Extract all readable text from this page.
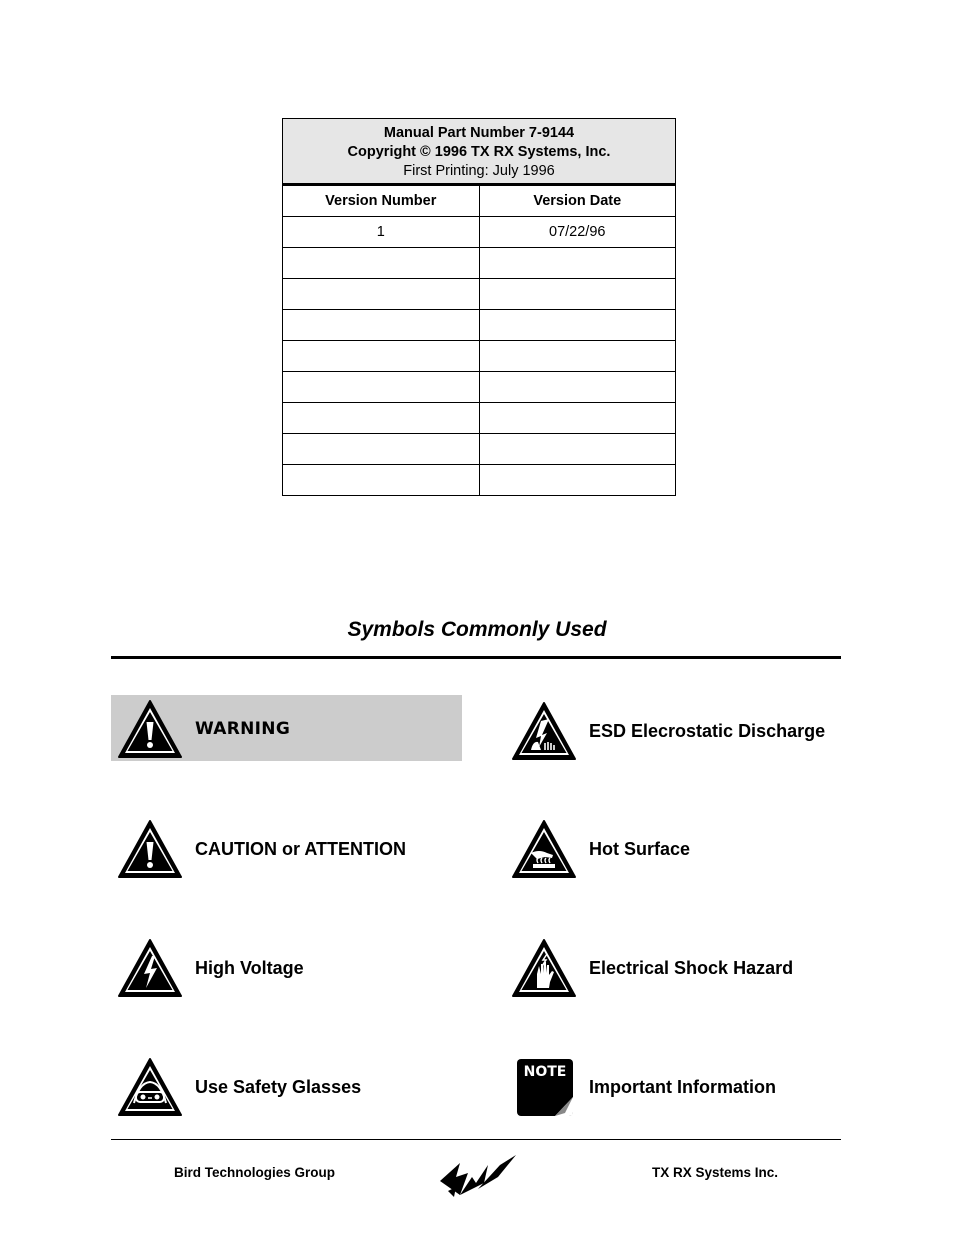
Manual Part Number 7-9144
Copyright © 1996 TX RX Systems, Inc.
First Printing: July 1996
Version Number	Version Date
1	07/22/96
Symbols Commonly Used
WARNING	ESD Elecrostatic Discharge
CAUTION or ATTENTION	Hot Surface
High Voltage	Electrical Shock Hazard
Use Safety Glasses
NOTE
Important Information
Bird Technologies Group	TX RX Systems Inc.
